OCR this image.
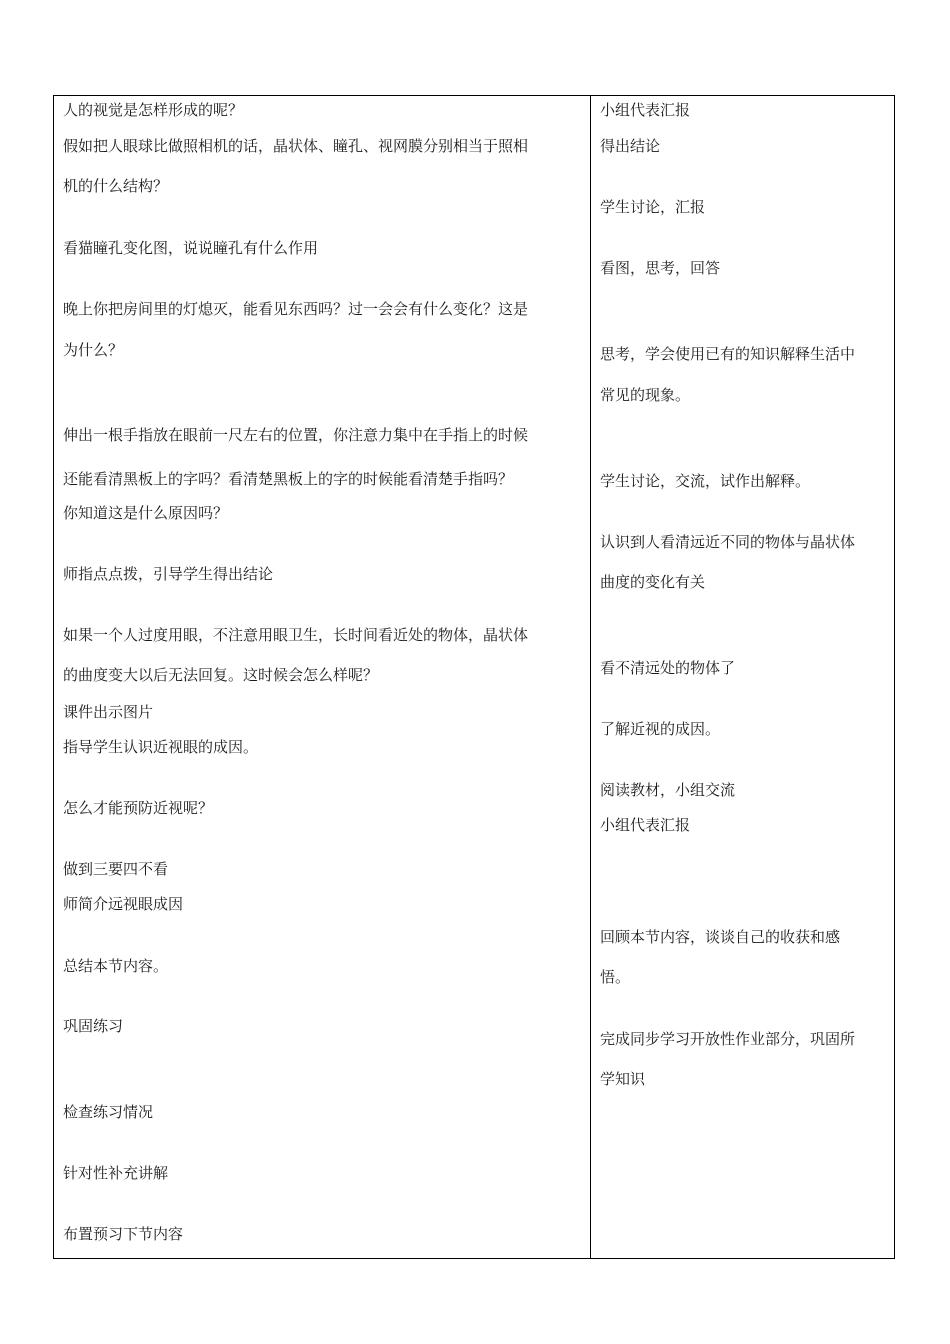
人的视觉是怎样形成的呢？
假如把人眼球比做照相机的话，晶状体、瞳孔、视网膜分别相当于照相
机的什么结构？
看猫瞳孔变化图，说说瞳孔有什么作用
晚上你把房间里的灯熄灭，能看见东西吗？过一会会有什么变化？这是
为什么？
伸出一根手指放在眼前一尺左右的位置，你注意力集中在手指上的时候
还能看清黑板上的字吗？看清楚黑板上的字的时候能看清楚手指吗？
你知道这是什么原因吗？
师指点点拨，引导学生得出结论
如果一个人过度用眼，不注意用眼卫生，长时间看近处的物体，晶状体
的曲度变大以后无法回复。这时候会怎么样呢？
课件出示图片
指导学生认识近视眼的成因。
怎么才能预防近视呢？
做到三要四不看
师简介远视眼成因
总结本节内容。
巩固练习
检查练习情况
针对性补充讲解
布置预习下节内容
小组代表汇报
得出结论
学生讨论，汇报
看图，思考，回答
思考，学会使用已有的知识解释生活中
常见的现象。
学生讨论，交流，试作出解释。
认识到人看清远近不同的物体与晶状体
曲度的变化有关
看不清远处的物体了
了解近视的成因。
阅读教材，小组交流
小组代表汇报
回顾本节内容，谈谈自己的收获和感
悟。
完成同步学习开放性作业部分，巩固所
学知识
